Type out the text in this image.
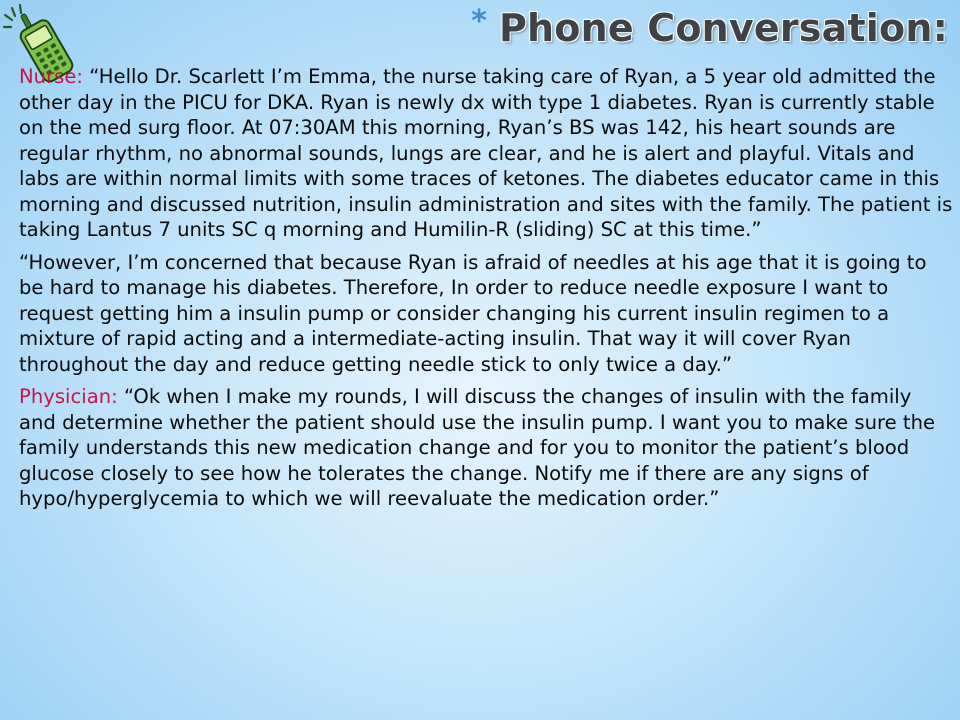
* Phone Conversation:

Nurse: “Hello Dr. Scarlett I’m Emma, the nurse taking care of Ryan, a 5 year old admitted the other day in the PICU for DKA. Ryan is newly dx with type 1 diabetes. Ryan is currently stable on the med surg floor. At 07:30AM this morning, Ryan’s BS was 142, his heart sounds are regular rhythm, no abnormal sounds, lungs are clear, and he is alert and playful. Vitals and labs are within normal limits with some traces of ketones. The diabetes educator came in this morning and discussed nutrition, insulin administration and sites with the family. The patient is taking Lantus 7 units SC q morning and Humilin-R (sliding) SC at this time.”

“However, I’m concerned that because Ryan is afraid of needles at his age that it is going to be hard to manage his diabetes. Therefore, In order to reduce needle exposure I want to request getting him a insulin pump or consider changing his current insulin regimen to a mixture of rapid acting and a intermediate-acting insulin. That way it will cover Ryan throughout the day and reduce getting needle stick to only twice a day.”

Physician: “Ok when I make my rounds, I will discuss the changes of insulin with the family and determine whether the patient should use the insulin pump. I want you to make sure the family understands this new medication change and for you to monitor the patient’s blood glucose closely to see how he tolerates the change. Notify me if there are any signs of hypo/hyperglycemia to which we will reevaluate the medication order.”
